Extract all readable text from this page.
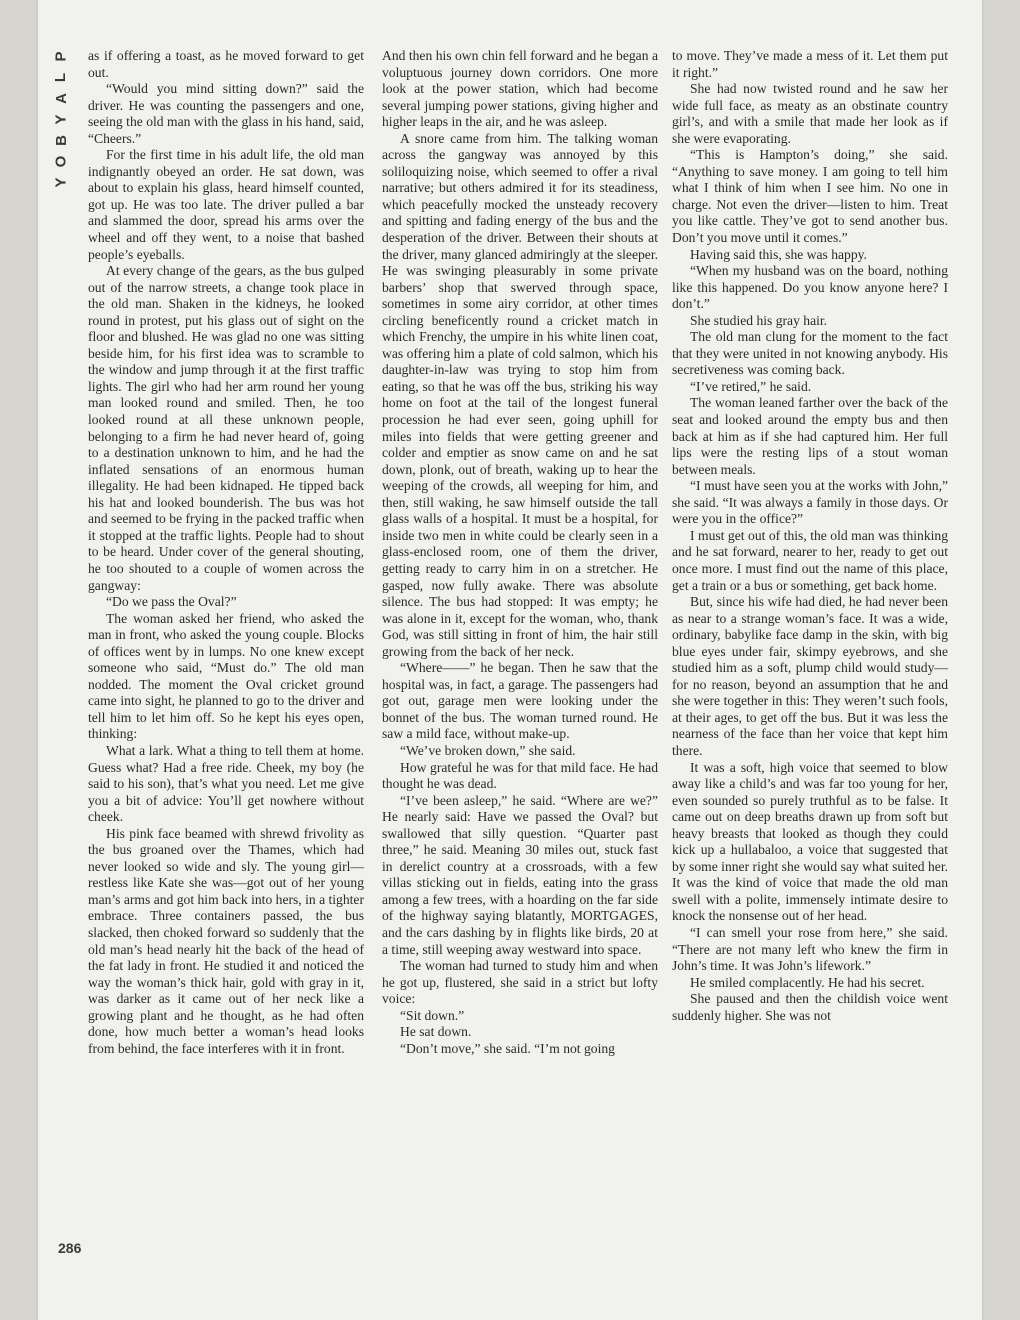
P
L
A
Y
B
O
Y

as if offering a toast, as he moved forward to get out.

“Would you mind sitting down?” said the driver. He was counting the passengers and one, seeing the old man with the glass in his hand, said, “Cheers.”

For the first time in his adult life, the old man indignantly obeyed an order. He sat down, was about to explain his glass, heard himself counted, got up. He was too late. The driver pulled a bar and slammed the door, spread his arms over the wheel and off they went, to a noise that bashed people’s eyeballs.

At every change of the gears, as the bus gulped out of the narrow streets, a change took place in the old man. Shaken in the kidneys, he looked round in protest, put his glass out of sight on the floor and blushed. He was glad no one was sitting beside him, for his first idea was to scramble to the window and jump through it at the first traffic lights. The girl who had her arm round her young man looked round and smiled. Then, he too looked round at all these unknown people, belonging to a firm he had never heard of, going to a destination unknown to him, and he had the inflated sensations of an enormous human illegality. He had been kidnaped. He tipped back his hat and looked bounderish. The bus was hot and seemed to be frying in the packed traffic when it stopped at the traffic lights. People had to shout to be heard. Under cover of the general shouting, he too shouted to a couple of women across the gangway:

“Do we pass the Oval?”

The woman asked her friend, who asked the man in front, who asked the young couple. Blocks of offices went by in lumps. No one knew except someone who said, “Must do.” The old man nodded. The moment the Oval cricket ground came into sight, he planned to go to the driver and tell him to let him off. So he kept his eyes open, thinking:

What a lark. What a thing to tell them at home. Guess what? Had a free ride. Cheek, my boy (he said to his son), that’s what you need. Let me give you a bit of advice: You’ll get nowhere without cheek.

His pink face beamed with shrewd frivolity as the bus groaned over the Thames, which had never looked so wide and sly. The young girl—restless like Kate she was—got out of her young man’s arms and got him back into hers, in a tighter embrace. Three containers passed, the bus slacked, then choked forward so suddenly that the old man’s head nearly hit the back of the head of the fat lady in front. He studied it and noticed the way the woman’s thick hair, gold with gray in it, was darker as it came out of her neck like a growing plant and he thought, as he had often done, how much better a woman’s head looks from behind, the face interferes with it in front.

And then his own chin fell forward and he began a voluptuous journey down corridors. One more look at the power station, which had become several jumping power stations, giving higher and higher leaps in the air, and he was asleep.

A snore came from him. The talking woman across the gangway was annoyed by this soliloquizing noise, which seemed to offer a rival narrative; but others admired it for its steadiness, which peacefully mocked the unsteady recovery and spitting and fading energy of the bus and the desperation of the driver. Between their shouts at the driver, many glanced admiringly at the sleeper. He was swinging pleasurably in some private barbers’ shop that swerved through space, sometimes in some airy corridor, at other times circling beneficently round a cricket match in which Frenchy, the umpire in his white linen coat, was offering him a plate of cold salmon, which his daughter-in-law was trying to stop him from eating, so that he was off the bus, striking his way home on foot at the tail of the longest funeral procession he had ever seen, going uphill for miles into fields that were getting greener and colder and emptier as snow came on and he sat down, plonk, out of breath, waking up to hear the weeping of the crowds, all weeping for him, and then, still waking, he saw himself outside the tall glass walls of a hospital. It must be a hospital, for inside two men in white could be clearly seen in a glass-enclosed room, one of them the driver, getting ready to carry him in on a stretcher. He gasped, now fully awake. There was absolute silence. The bus had stopped: It was empty; he was alone in it, except for the woman, who, thank God, was still sitting in front of him, the hair still growing from the back of her neck.

“Where——” he began. Then he saw that the hospital was, in fact, a garage. The passengers had got out, garage men were looking under the bonnet of the bus. The woman turned round. He saw a mild face, without make-up.

“We’ve broken down,” she said.

How grateful he was for that mild face. He had thought he was dead.

“I’ve been asleep,” he said. “Where are we?” He nearly said: Have we passed the Oval? but swallowed that silly question. “Quarter past three,” he said. Meaning 30 miles out, stuck fast in derelict country at a crossroads, with a few villas sticking out in fields, eating into the grass among a few trees, with a hoarding on the far side of the highway saying blatantly, MORTGAGES, and the cars dashing by in flights like birds, 20 at a time, still weeping away westward into space.

The woman had turned to study him and when he got up, flustered, she said in a strict but lofty voice:

“Sit down.”

He sat down.

“Don’t move,” she said. “I’m not going

to move. They’ve made a mess of it. Let them put it right.”

She had now twisted round and he saw her wide full face, as meaty as an obstinate country girl’s, and with a smile that made her look as if she were evaporating.

“This is Hampton’s doing,” she said. “Anything to save money. I am going to tell him what I think of him when I see him. No one in charge. Not even the driver—listen to him. Treat you like cattle. They’ve got to send another bus. Don’t you move until it comes.”

Having said this, she was happy.

“When my husband was on the board, nothing like this happened. Do you know anyone here? I don’t.”

She studied his gray hair.

The old man clung for the moment to the fact that they were united in not knowing anybody. His secretiveness was coming back.

“I’ve retired,” he said.

The woman leaned farther over the back of the seat and looked around the empty bus and then back at him as if she had captured him. Her full lips were the resting lips of a stout woman between meals.

“I must have seen you at the works with John,” she said. “It was always a family in those days. Or were you in the office?”

I must get out of this, the old man was thinking and he sat forward, nearer to her, ready to get out once more. I must find out the name of this place, get a train or a bus or something, get back home.

But, since his wife had died, he had never been as near to a strange woman’s face. It was a wide, ordinary, babylike face damp in the skin, with big blue eyes under fair, skimpy eyebrows, and she studied him as a soft, plump child would study—for no reason, beyond an assumption that he and she were together in this: They weren’t such fools, at their ages, to get off the bus. But it was less the nearness of the face than her voice that kept him there.

It was a soft, high voice that seemed to blow away like a child’s and was far too young for her, even sounded so purely truthful as to be false. It came out on deep breaths drawn up from soft but heavy breasts that looked as though they could kick up a hullabaloo, a voice that suggested that by some inner right she would say what suited her. It was the kind of voice that made the old man swell with a polite, immensely intimate desire to knock the nonsense out of her head.

“I can smell your rose from here,” she said. “There are not many left who knew the firm in John’s time. It was John’s lifework.”

He smiled complacently. He had his secret.

She paused and then the childish voice went suddenly higher. She was not

286
